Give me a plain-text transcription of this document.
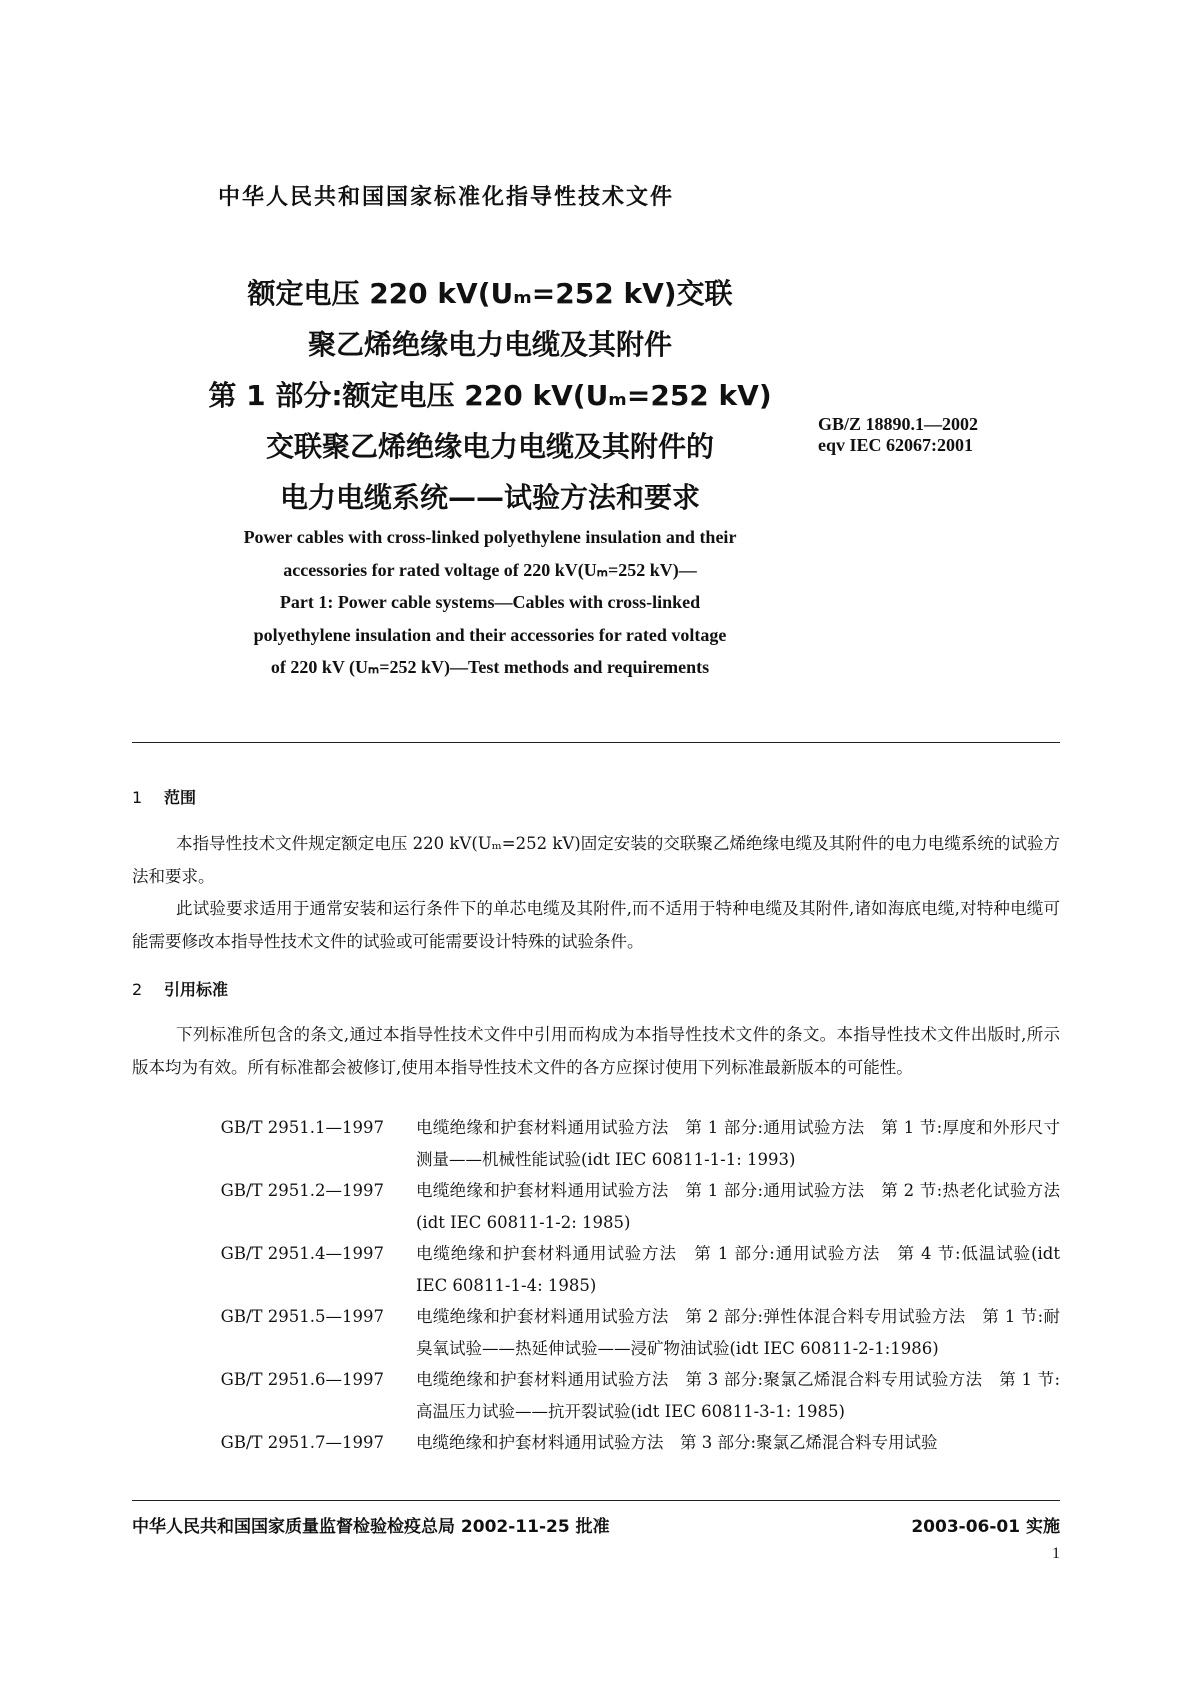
中华人民共和国国家标准化指导性技术文件
额定电压 220 kV(Uₘ=252 kV)交联
聚乙烯绝缘电力电缆及其附件
第 1 部分:额定电压 220 kV(Uₘ=252 kV)
交联聚乙烯绝缘电力电缆及其附件的
电力电缆系统——试验方法和要求
GB/Z 18890.1—2002
eqv IEC 62067:2001
Power cables with cross-linked polyethylene insulation and their
accessories for rated voltage of 220 kV(Uₘ=252 kV)—
Part 1: Power cable systems—Cables with cross-linked
polyethylene insulation and their accessories for rated voltage
of 220 kV (Uₘ=252 kV)—Test methods and requirements
1 范围

本指导性技术文件规定额定电压 220 kV(Uₘ=252 kV)固定安装的交联聚乙烯绝缘电缆及其附件的电力电缆系统的试验方法和要求。

此试验要求适用于通常安装和运行条件下的单芯电缆及其附件,而不适用于特种电缆及其附件,诸如海底电缆,对特种电缆可能需要修改本指导性技术文件的试验或可能需要设计特殊的试验条件。

2 引用标准

下列标准所包含的条文,通过本指导性技术文件中引用而构成为本指导性技术文件的条文。本指导性技术文件出版时,所示版本均为有效。所有标准都会被修订,使用本指导性技术文件的各方应探讨使用下列标准最新版本的可能性。

GB/T 2951.1—1997 电缆绝缘和护套材料通用试验方法　第 1 部分:通用试验方法　第 1 节:厚度和外形尺寸测量——机械性能试验(idt IEC 60811-1-1: 1993)
GB/T 2951.2—1997 电缆绝缘和护套材料通用试验方法　第 1 部分:通用试验方法　第 2 节:热老化试验方法(idt IEC 60811-1-2: 1985)
GB/T 2951.4—1997 电缆绝缘和护套材料通用试验方法　第 1 部分:通用试验方法　第 4 节:低温试验(idt IEC 60811-1-4: 1985)
GB/T 2951.5—1997 电缆绝缘和护套材料通用试验方法　第 2 部分:弹性体混合料专用试验方法　第 1 节:耐臭氧试验——热延伸试验——浸矿物油试验(idt IEC 60811-2-1:1986)
GB/T 2951.6—1997 电缆绝缘和护套材料通用试验方法　第 3 部分:聚氯乙烯混合料专用试验方法　第 1 节:高温压力试验——抗开裂试验(idt IEC 60811-3-1: 1985)
GB/T 2951.7—1997 电缆绝缘和护套材料通用试验方法　第 3 部分:聚氯乙烯混合料专用试验
中华人民共和国国家质量监督检验检疫总局 2002-11-25 批准	2003-06-01 实施
1
